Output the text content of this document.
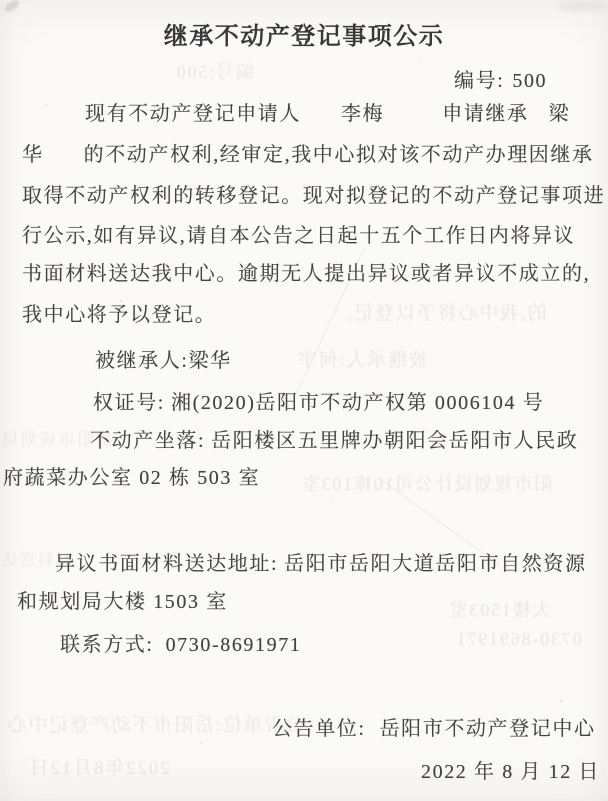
编号:500
的,我中心将予以登记。
被继承人:何宇
岳阳市规划局
阳市规划设计公司10栋103室
大楼1503室
0730-8691971
公告单位:岳阳市不动产登记中心
2022年8月12日
材料送达
继承不动产登记事项公示
编号: 500
现有不动产登记申请人 李梅	申请继承 梁
华 的不动产权利,经审定,我中心拟对该不动产办理因继承
取得不动产权利的转移登记。现对拟登记的不动产登记事项进
行公示,如有异议,请自本公告之日起十五个工作日内将异议
书面材料送达我中心。逾期无人提出异议或者异议不成立的,
我中心将予以登记。
被继承人:梁华
权证号: 湘(2020)岳阳市不动产权第 0006104 号
不动产坐落: 岳阳楼区五里牌办朝阳会岳阳市人民政
府蔬菜办公室 02 栋 503 室
异议书面材料送达地址: 岳阳市岳阳大道岳阳市自然资源
和规划局大楼 1503 室
联系方式: 0730-8691971
公告单位: 岳阳市不动产登记中心
2022 年 8 月 12 日
